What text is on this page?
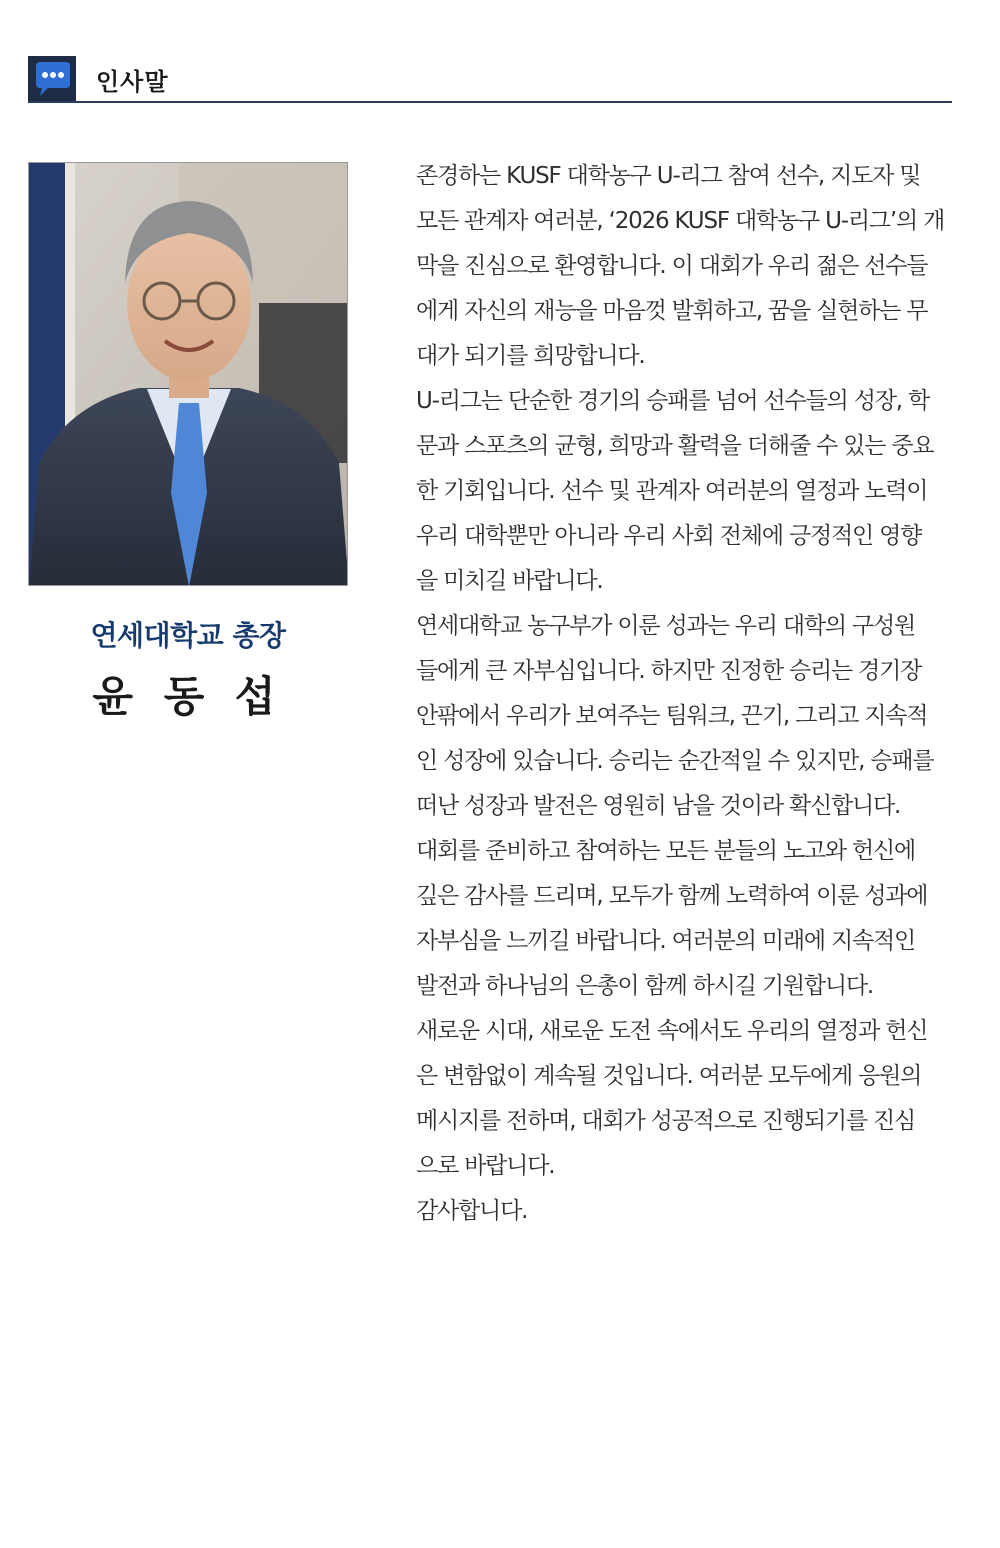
인사말
연세대학교 총장
윤 동 섭

존경하는 KUSF 대학농구 U-리그 참여 선수, 지도자 및
모든 관계자 여러분, ‘2026 KUSF 대학농구 U-리그’의 개
막을 진심으로 환영합니다. 이 대회가 우리 젊은 선수들
에게 자신의 재능을 마음껏 발휘하고, 꿈을 실현하는 무
대가 되기를 희망합니다.

U-리그는 단순한 경기의 승패를 넘어 선수들의 성장, 학
문과 스포츠의 균형, 희망과 활력을 더해줄 수 있는 중요
한 기회입니다. 선수 및 관계자 여러분의 열정과 노력이
우리 대학뿐만 아니라 우리 사회 전체에 긍정적인 영향
을 미치길 바랍니다.

연세대학교 농구부가 이룬 성과는 우리 대학의 구성원
들에게 큰 자부심입니다. 하지만 진정한 승리는 경기장
안팎에서 우리가 보여주는 팀워크, 끈기, 그리고 지속적
인 성장에 있습니다. 승리는 순간적일 수 있지만, 승패를
떠난 성장과 발전은 영원히 남을 것이라 확신합니다.

대회를 준비하고 참여하는 모든 분들의 노고와 헌신에
깊은 감사를 드리며, 모두가 함께 노력하여 이룬 성과에
자부심을 느끼길 바랍니다. 여러분의 미래에 지속적인
발전과 하나님의 은총이 함께 하시길 기원합니다.

새로운 시대, 새로운 도전 속에서도 우리의 열정과 헌신
은 변함없이 계속될 것입니다. 여러분 모두에게 응원의
메시지를 전하며, 대회가 성공적으로 진행되기를 진심
으로 바랍니다.

감사합니다.
